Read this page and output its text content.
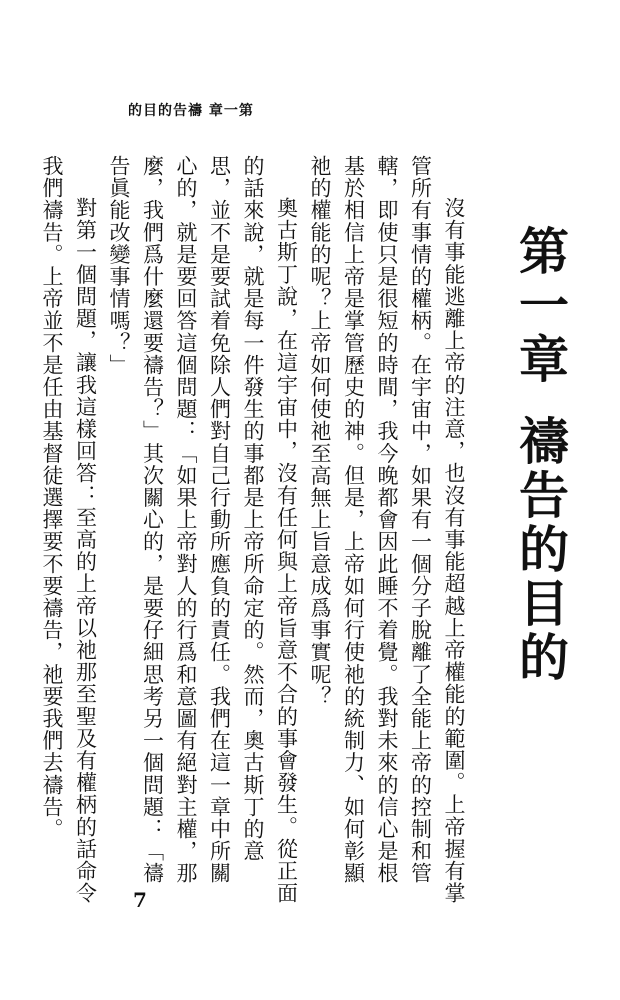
的目的告禱 章一第
第一章禱告的目的

沒有事能逃離上帝的注意，也沒有事能超越上帝權能的範圍。上帝握有掌管所有事情的權柄。在宇宙中，如果有一個分子脫離了全能上帝的控制和管轄，即使只是很短的時間，我今晚都會因此睡不着覺。我對未來的信心是根基於相信上帝是掌管歷史的神。但是，上帝如何行使祂的統制力、如何彰顯祂的權能的呢？上帝如何使祂至高無上旨意成爲事實呢？

奧古斯丁說，在這宇宙中，沒有任何與上帝旨意不合的事會發生。從正面的話來說，就是每一件發生的事都是上帝所命定的。然而，奧古斯丁的意思，並不是要試着免除人們對自己行動所應負的責任。我們在這一章中所關心的，就是要回答這個問題：「如果上帝對人的行爲和意圖有絕對主權，那麼，我們爲什麼還要禱告？」其次關心的，是要仔細思考另一個問題：「禱告眞能改變事情嗎？」

對第一個問題，讓我這樣回答：至高的上帝以祂那至聖及有權柄的話命令我們禱告。上帝並不是任由基督徒選擇要不要禱告，祂要我們去禱告。

7
